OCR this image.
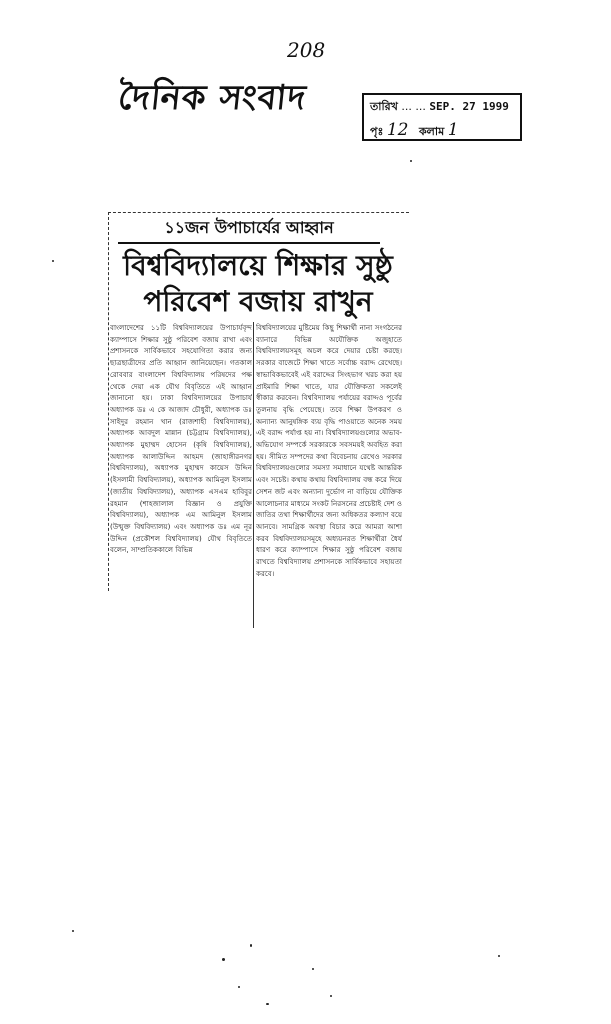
দৈনিক সংবাদ
208
তারিখ ... ... SEP. 27 1999
পৃঃ 12 কলাম 1
১১জন উপাচার্যের আহ্বান
বিশ্ববিদ্যালয়ে শিক্ষার সুষ্ঠু
পরিবেশ বজায় রাখুন
বাংলাদেশের ১১টি বিশ্ববিদ্যালয়ের উপাচার্যবৃন্দ ক্যাম্পাসে শিক্ষার সুষ্ঠু পরিবেশ বজায় রাখা এবং প্রশাসনকে সার্বিকভাবে সহযোগিতা করার জন্য ছাত্রছাত্রীদের প্রতি আহ্বান জানিয়েছেন। গতকাল রোববার বাংলাদেশ বিশ্ববিদ্যালয় পরিষদের পক্ষ থেকে দেয়া এক যৌথ বিবৃতিতে এই আহ্বান জানানো হয়। ঢাকা বিশ্ববিদ্যালয়ের উপাচার্য অধ্যাপক ডঃ এ কে আজাদ চৌধুরী, অধ্যাপক ডঃ সাইদুর রহমান খান (রাজশাহী বিশ্ববিদ্যালয়), অধ্যাপক আবদুল মান্নান (চট্টগ্রাম বিশ্ববিদ্যালয়), অধ্যাপক মুহাম্মদ হোসেন (কৃষি বিশ্ববিদ্যালয়), অধ্যাপক আলাউদ্দিন আহমদ (জাহাঙ্গীরনগর বিশ্ববিদ্যালয়), অধ্যাপক মুহাম্মদ কায়েস উদ্দিন (ইসলামী বিশ্ববিদ্যালয়), অধ্যাপক আমিনুল ইসলাম (জাতীয় বিশ্ববিদ্যালয়), অধ্যাপক এসএম হাবিবুর রহমান (শাহজালাল বিজ্ঞান ও প্রযুক্তি বিশ্ববিদ্যালয়), অধ্যাপক এম আমিনুল ইসলাম (উন্মুক্ত বিশ্ববিদ্যালয়) এবং অধ্যাপক ডঃ এম নূর উদ্দিন (প্রকৌশল বিশ্ববিদ্যালয়) যৌথ বিবৃতিতে বলেন, সাম্প্রতিককালে বিভিন্ন
বিশ্ববিদ্যালয়ের মুষ্টিমেয় কিছু শিক্ষার্থী নানা সংগঠনের ব্যানারে বিভিন্ন অযৌক্তিক অজুহাতে বিশ্ববিদ্যালয়সমূহ অচল করে দেয়ার চেষ্টা করছে। সরকার বাজেটে শিক্ষা খাতে সর্বোচ্চ বরাদ্দ রেখেছে। স্বাভাবিকভাবেই এই বরাদ্দের সিংহভাগ খরচ করা হয় প্রাইমারি শিক্ষা খাতে, যার যৌক্তিকতা সকলেই স্বীকার করবেন। বিশ্ববিদ্যালয় পর্যায়ের বরাদ্দও পূর্বের তুলনায় বৃদ্ধি পেয়েছে। তবে শিক্ষা উপকরণ ও অন্যান্য আনুষঙ্গিক ব্যয় বৃদ্ধি পাওয়াতে অনেক সময় এই বরাদ্দ পর্যাপ্ত হয় না। বিশ্ববিদ্যালয়গুলোর অভাব-অভিযোগ সম্পর্কে সরকারকে সবসময়ই অবহিত করা হয়। সীমিত সম্পদের কথা বিবেচনায় রেখেও সরকার বিশ্ববিদ্যালয়গুলোর সমস্যা সমাধানে যথেষ্ট আন্তরিক এবং সচেষ্ট। কথায় কথায় বিশ্ববিদ্যালয় বন্ধ করে দিয়ে সেশন জট এবং অন্যান্য দুর্ভোগ না বাড়িয়ে যৌক্তিক আলোচনার মাধ্যমে সংকট নিরসনের প্রচেষ্টাই দেশ ও জাতির তথা শিক্ষার্থীদের জন্য অধিকতর কল্যাণ বয়ে আনবে। সামগ্রিক অবস্থা বিচার করে আমরা আশা করব বিশ্ববিদ্যালয়সমূহে অধ্যয়নরত শিক্ষার্থীরা ধৈর্য ধারণ করে ক্যাম্পাসে শিক্ষার সুষ্ঠু পরিবেশ বজায় রাখতে বিশ্ববিদ্যালয় প্রশাসনকে সার্বিকভাবে সহায়তা করবে।
